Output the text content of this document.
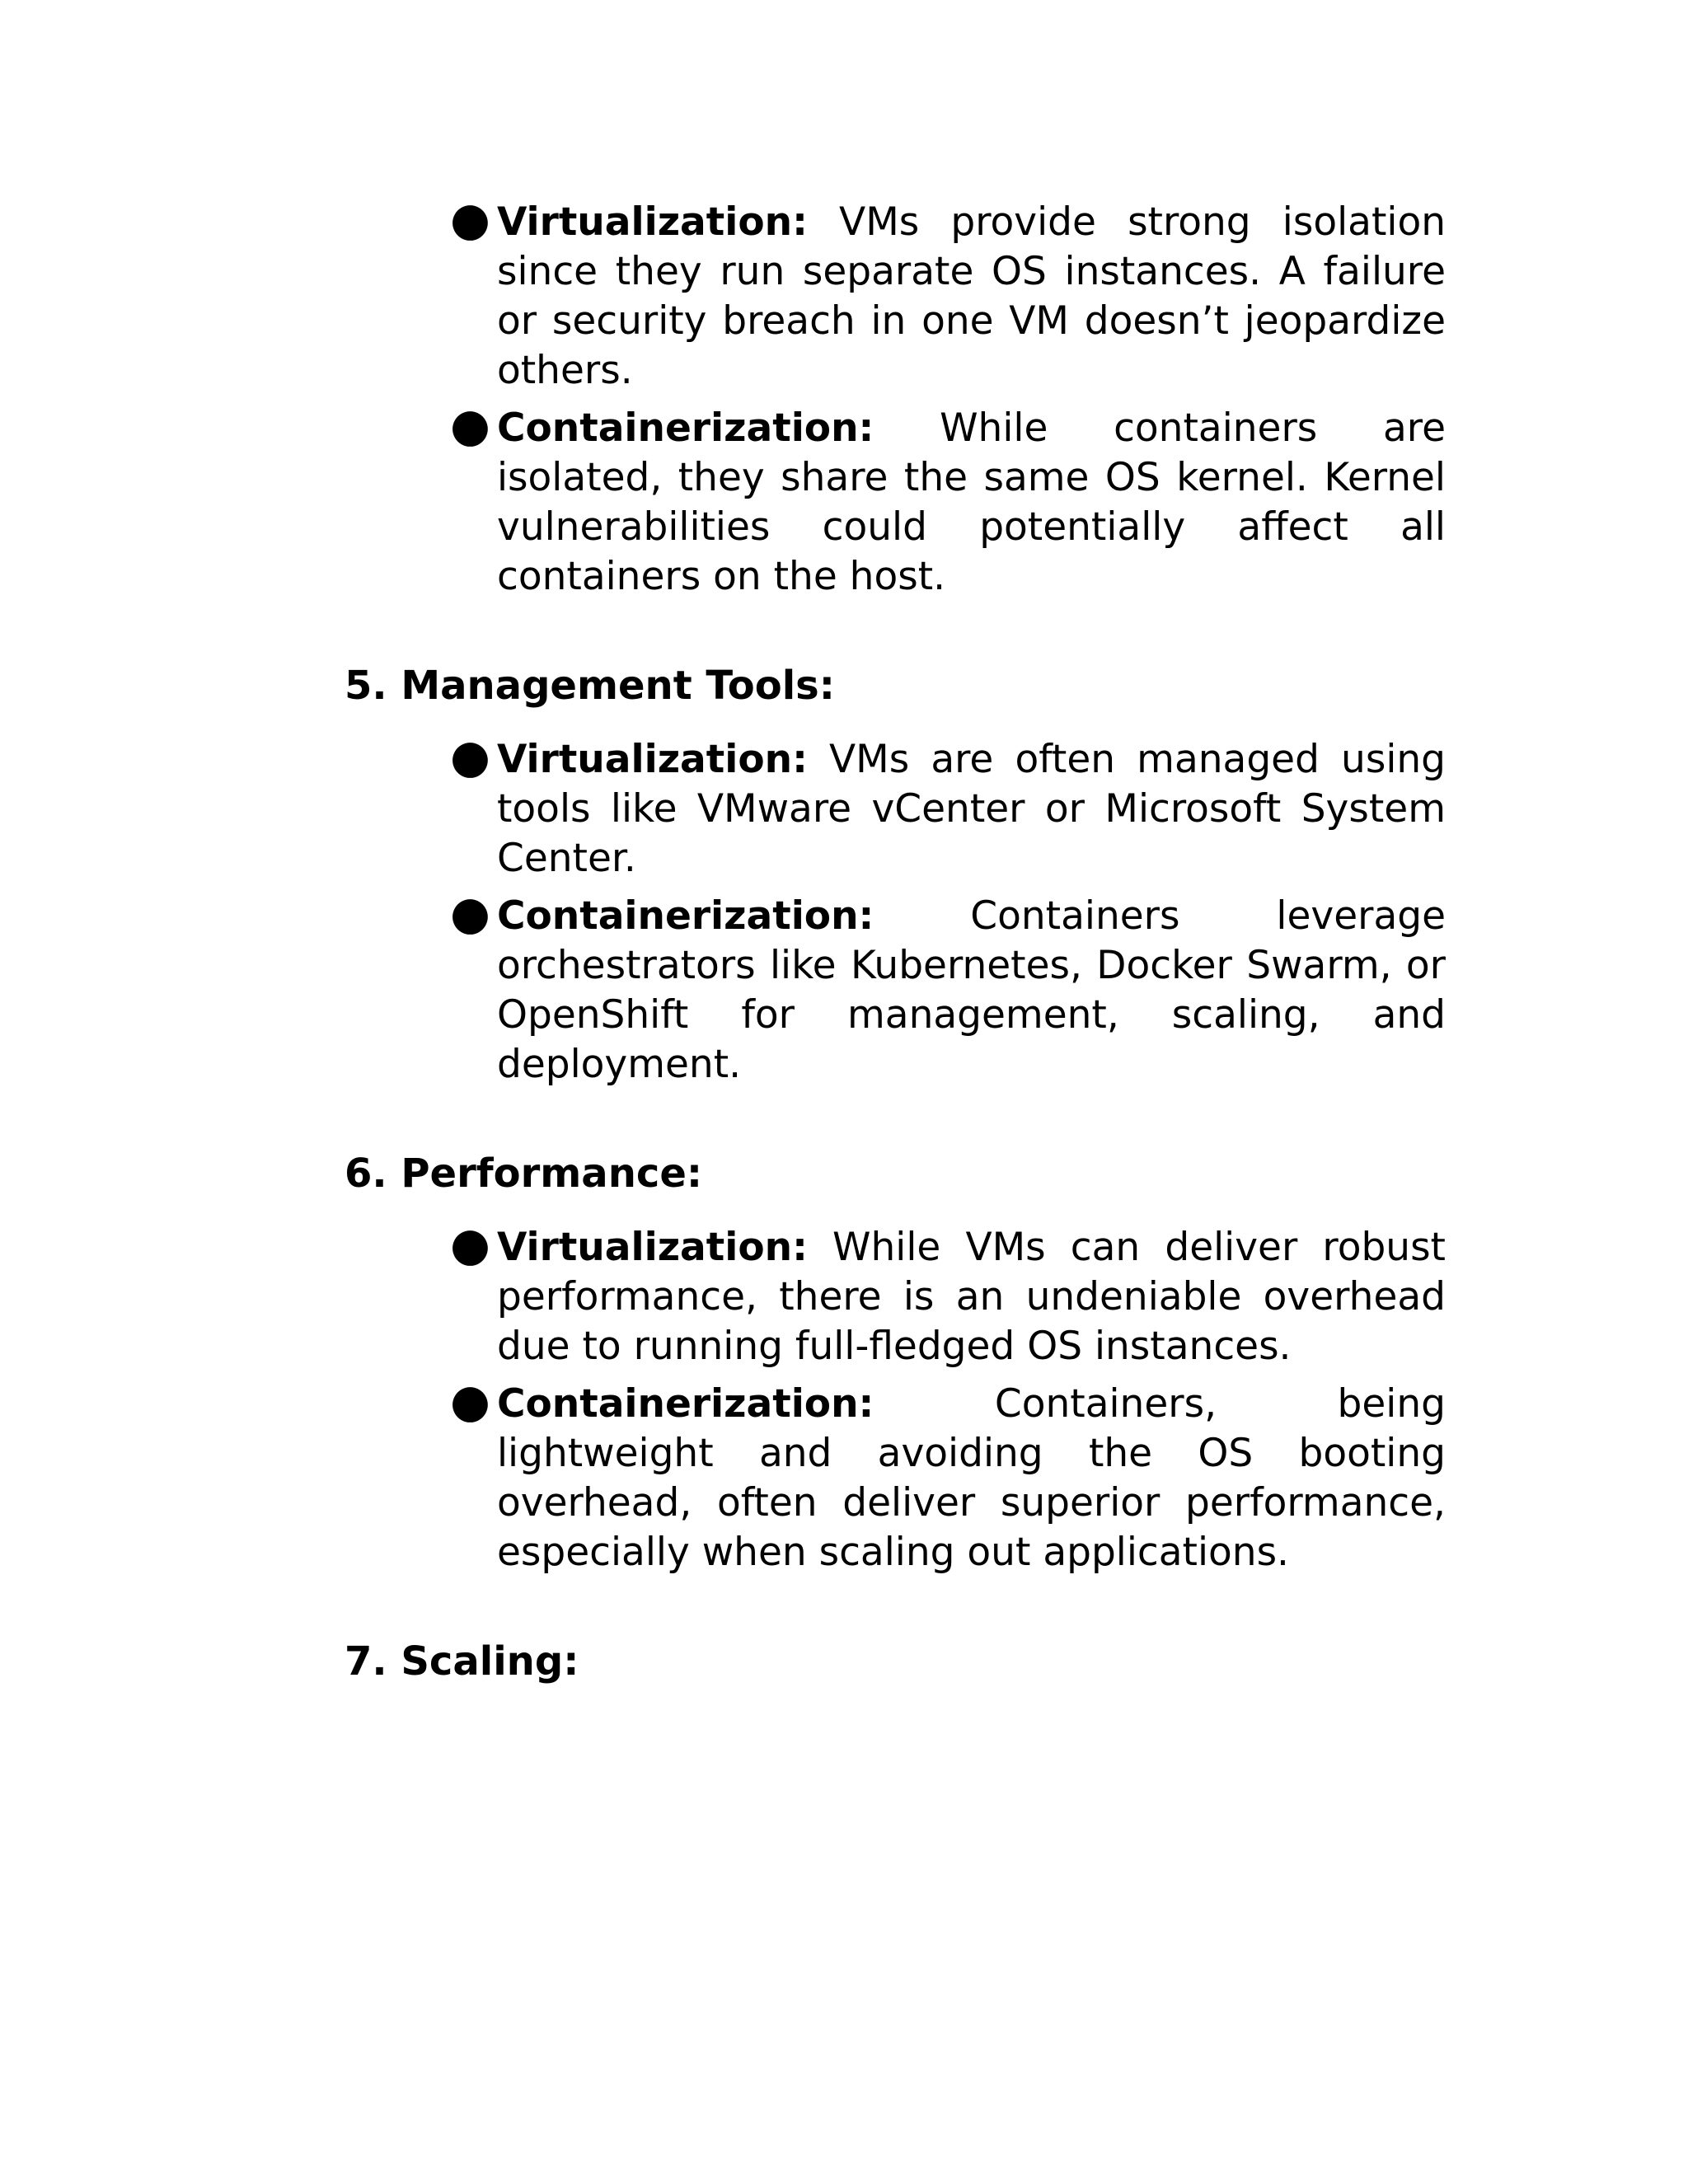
● Virtualization: VMs provide strong isolation since they run separate OS instances. A failure or security breach in one VM doesn’t jeopardize others.
● Containerization: While containers are isolated, they share the same OS kernel. Kernel vulnerabilities could potentially affect all containers on the host.
5. Management Tools:
● Virtualization: VMs are often managed using tools like VMware vCenter or Microsoft System Center.
● Containerization: Containers leverage orchestrators like Kubernetes, Docker Swarm, or OpenShift for management, scaling, and deployment.
6. Performance:
● Virtualization: While VMs can deliver robust performance, there is an undeniable overhead due to running full-fledged OS instances.
● Containerization: Containers, being lightweight and avoiding the OS booting overhead, often deliver superior performance, especially when scaling out applications.
7. Scaling:
